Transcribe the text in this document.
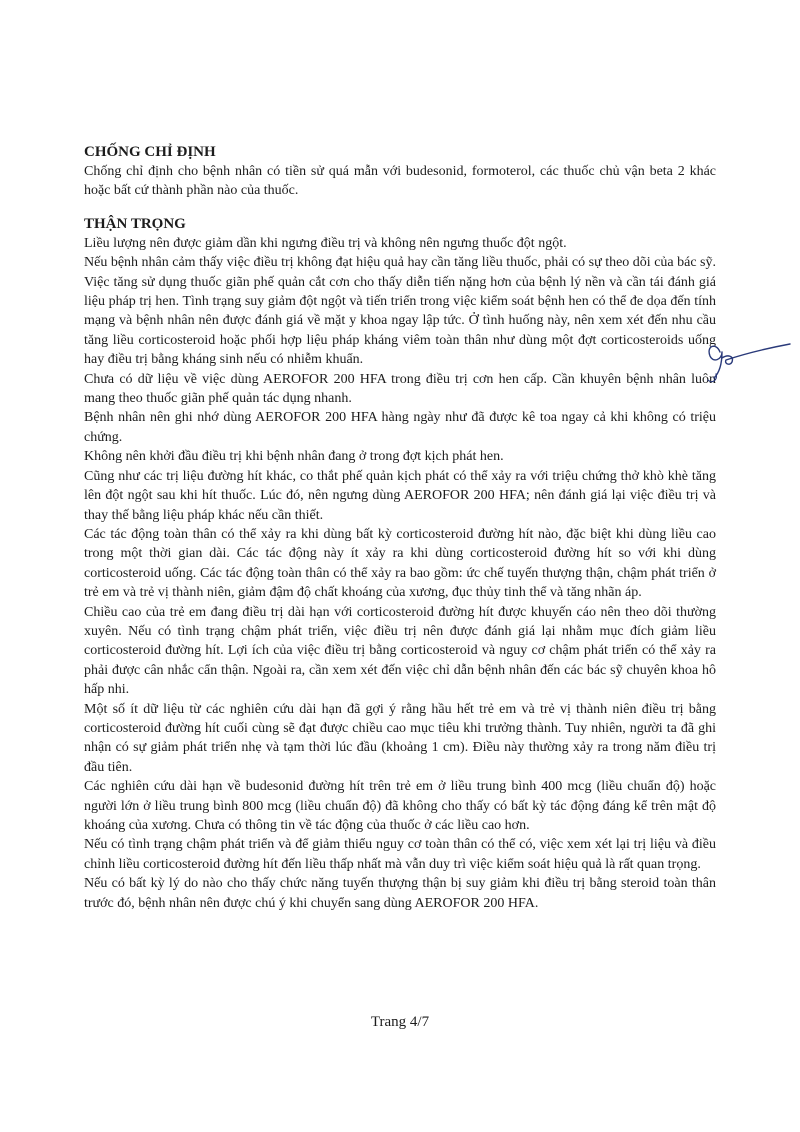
CHỐNG CHỈ ĐỊNH

Chống chỉ định cho bệnh nhân có tiền sử quá mẫn với budesonid, formoterol, các thuốc chủ vận beta 2 khác hoặc bất cứ thành phần nào của thuốc.

THẬN TRỌNG

Liều lượng nên được giảm dần khi ngưng điều trị và không nên ngưng thuốc đột ngột.

Nếu bệnh nhân cảm thấy việc điều trị không đạt hiệu quả hay cần tăng liều thuốc, phải có sự theo dõi của bác sỹ. Việc tăng sử dụng thuốc giãn phế quản cắt cơn cho thấy diễn tiến nặng hơn của bệnh lý nền và cần tái đánh giá liệu pháp trị hen. Tình trạng suy giảm đột ngột và tiến triển trong việc kiểm soát bệnh hen có thể đe dọa đến tính mạng và bệnh nhân nên được đánh giá về mặt y khoa ngay lập tức. Ở tình huống này, nên xem xét đến nhu cầu tăng liều corticosteroid hoặc phối hợp liệu pháp kháng viêm toàn thân như dùng một đợt corticosteroids uống hay điều trị bằng kháng sinh nếu có nhiễm khuẩn.

Chưa có dữ liệu về việc dùng AEROFOR 200 HFA trong điều trị cơn hen cấp. Cần khuyên bệnh nhân luôn mang theo thuốc giãn phế quản tác dụng nhanh.

Bệnh nhân nên ghi nhớ dùng AEROFOR 200 HFA hàng ngày như đã được kê toa ngay cả khi không có triệu chứng.

Không nên khởi đầu điều trị khi bệnh nhân đang ở trong đợt kịch phát hen.

Cũng như các trị liệu đường hít khác, co thắt phế quản kịch phát có thể xảy ra với triệu chứng thở khò khè tăng lên đột ngột sau khi hít thuốc. Lúc đó, nên ngưng dùng AEROFOR 200 HFA; nên đánh giá lại việc điều trị và thay thế bằng liệu pháp khác nếu cần thiết.

Các tác động toàn thân có thể xảy ra khi dùng bất kỳ corticosteroid đường hít nào, đặc biệt khi dùng liều cao trong một thời gian dài. Các tác động này ít xảy ra khi dùng corticosteroid đường hít so với khi dùng corticosteroid uống. Các tác động toàn thân có thể xảy ra bao gồm: ức chế tuyến thượng thận, chậm phát triển ở trẻ em và trẻ vị thành niên, giảm đậm độ chất khoáng của xương, đục thủy tinh thể và tăng nhãn áp.

Chiều cao của trẻ em đang điều trị dài hạn với corticosteroid đường hít được khuyến cáo nên theo dõi thường xuyên. Nếu có tình trạng chậm phát triển, việc điều trị nên được đánh giá lại nhằm mục đích giảm liều corticosteroid đường hít. Lợi ích của việc điều trị bằng corticosteroid và nguy cơ chậm phát triển có thể xảy ra phải được cân nhắc cẩn thận. Ngoài ra, cần xem xét đến việc chỉ dẫn bệnh nhân đến các bác sỹ chuyên khoa hô hấp nhi.

Một số ít dữ liệu từ các nghiên cứu dài hạn đã gợi ý rằng hầu hết trẻ em và trẻ vị thành niên điều trị bằng corticosteroid đường hít cuối cùng sẽ đạt được chiều cao mục tiêu khi trưởng thành. Tuy nhiên, người ta đã ghi nhận có sự giảm phát triển nhẹ và tạm thời lúc đầu (khoảng 1 cm). Điều này thường xảy ra trong năm điều trị đầu tiên.

Các nghiên cứu dài hạn về budesonid đường hít trên trẻ em ở liều trung bình 400 mcg (liều chuẩn độ) hoặc người lớn ở liều trung bình 800 mcg (liều chuẩn độ) đã không cho thấy có bất kỳ tác động đáng kể trên mật độ khoáng của xương. Chưa có thông tin về tác động của thuốc ở các liều cao hơn.

Nếu có tình trạng chậm phát triển và để giảm thiểu nguy cơ toàn thân có thể có, việc xem xét lại trị liệu và điều chỉnh liều corticosteroid đường hít đến liều thấp nhất mà vẫn duy trì việc kiểm soát hiệu quả là rất quan trọng.

Nếu có bất kỳ lý do nào cho thấy chức năng tuyến thượng thận bị suy giảm khi điều trị bằng steroid toàn thân trước đó, bệnh nhân nên được chú ý khi chuyển sang dùng AEROFOR 200 HFA.

Trang 4/7
